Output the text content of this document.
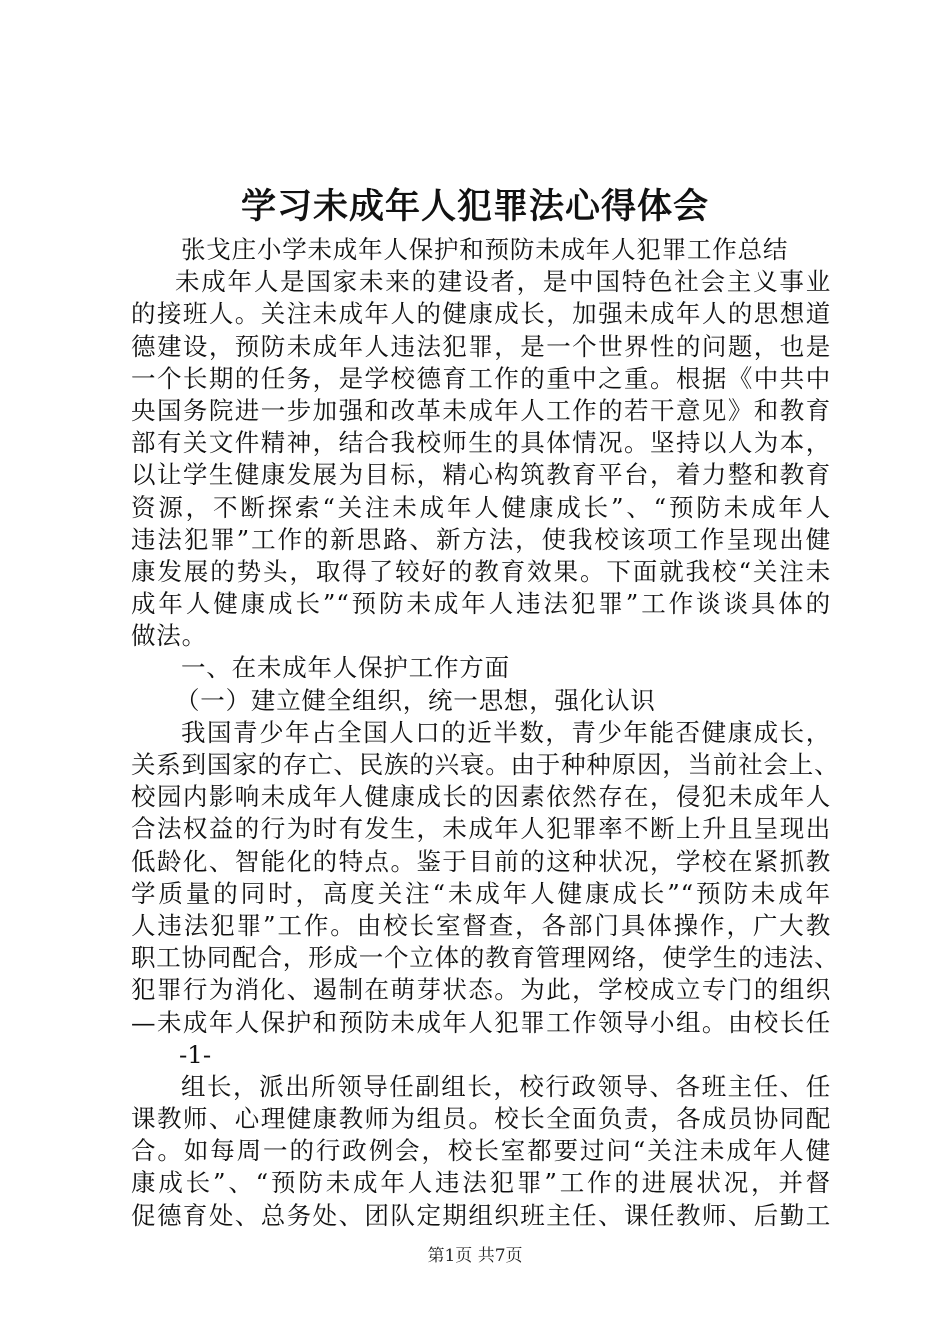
学习未成年人犯罪法心得体会
张戈庄小学未成年人保护和预防未成年人犯罪工作总结
未成年人是国家未来的建设者，是中国特色社会主义事业
的接班人。关注未成年人的健康成长，加强未成年人的思想道
德建设，预防未成年人违法犯罪，是一个世界性的问题，也是
一个长期的任务，是学校德育工作的重中之重。根据《中共中
央国务院进一步加强和改革未成年人工作的若干意见》和教育
部有关文件精神，结合我校师生的具体情况。坚持以人为本，
以让学生健康发展为目标，精心构筑教育平台，着力整和教育
资源，不断探索“关注未成年人健康成长”、“预防未成年人
违法犯罪”工作的新思路、新方法，使我校该项工作呈现出健
康发展的势头，取得了较好的教育效果。下面就我校“关注未
成年人健康成长”“预防未成年人违法犯罪”工作谈谈具体的
做法。
一、在未成年人保护工作方面
（一）建立健全组织，统一思想，强化认识
我国青少年占全国人口的近半数，青少年能否健康成长，
关系到国家的存亡、民族的兴衰。由于种种原因，当前社会上、
校园内影响未成年人健康成长的因素依然存在，侵犯未成年人
合法权益的行为时有发生，未成年人犯罪率不断上升且呈现出
低龄化、智能化的特点。鉴于目前的这种状况，学校在紧抓教
学质量的同时，高度关注“未成年人健康成长”“预防未成年
人违法犯罪”工作。由校长室督查，各部门具体操作，广大教
职工协同配合，形成一个立体的教育管理网络，使学生的违法、
犯罪行为消化、遏制在萌芽状态。为此，学校成立专门的组织
—未成年人保护和预防未成年人犯罪工作领导小组。由校长任
-1-
组长，派出所领导任副组长，校行政领导、各班主任、任
课教师、心理健康教师为组员。校长全面负责，各成员协同配
合。如每周一的行政例会，校长室都要过问“关注未成年人健
康成长”、“预防未成年人违法犯罪”工作的进展状况，并督
促德育处、总务处、团队定期组织班主任、课任教师、后勤工
第1页 共7页
